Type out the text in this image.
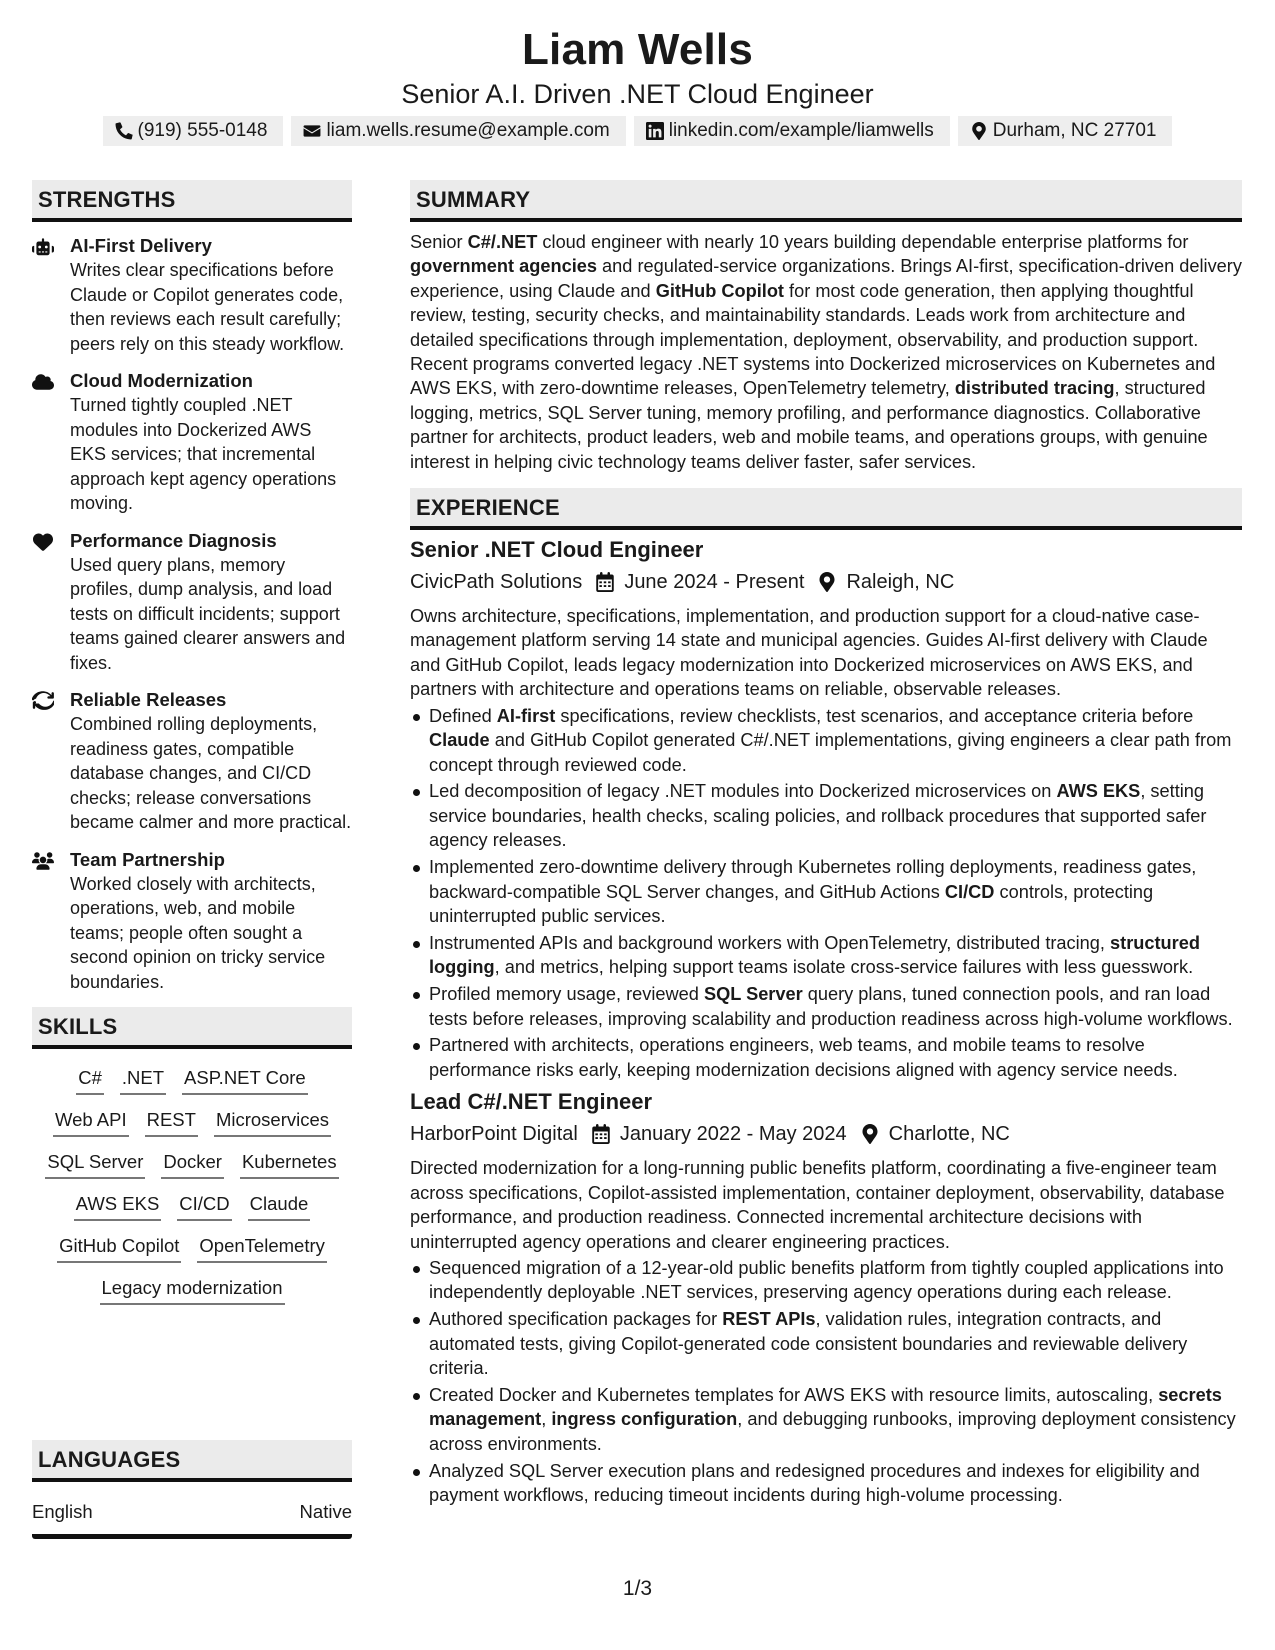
Liam Wells
Senior A.I. Driven .NET Cloud Engineer
(919) 555-0148	liam.wells.resume@example.com	linkedin.com/example/liamwells	Durham, NC 27701
STRENGTHS
AI-First Delivery
Writes clear specifications before Claude or Copilot generates code, then reviews each result carefully; peers rely on this steady workflow.
Cloud Modernization
Turned tightly coupled .NET modules into Dockerized AWS EKS services; that incremental approach kept agency operations moving.
Performance Diagnosis
Used query plans, memory profiles, dump analysis, and load tests on difficult incidents; support teams gained clearer answers and fixes.
Reliable Releases
Combined rolling deployments, readiness gates, compatible database changes, and CI/CD checks; release conversations became calmer and more practical.
Team Partnership
Worked closely with architects, operations, web, and mobile teams; people often sought a second opinion on tricky service boundaries.
SKILLS
C# .NET ASP.NET Core
Web API REST Microservices
SQL Server Docker Kubernetes
AWS EKS CI/CD Claude
GitHub Copilot OpenTelemetry
Legacy modernization
LANGUAGES
English	Native
SUMMARY
Senior C#/.NET cloud engineer with nearly 10 years building dependable enterprise platforms for government agencies and regulated-service organizations. Brings AI-first, specification-driven delivery experience, using Claude and GitHub Copilot for most code generation, then applying thoughtful review, testing, security checks, and maintainability standards. Leads work from architecture and detailed specifications through implementation, deployment, observability, and production support. Recent programs converted legacy .NET systems into Dockerized microservices on Kubernetes and AWS EKS, with zero-downtime releases, OpenTelemetry telemetry, distributed tracing, structured logging, metrics, SQL Server tuning, memory profiling, and performance diagnostics. Collaborative partner for architects, product leaders, web and mobile teams, and operations groups, with genuine interest in helping civic technology teams deliver faster, safer services.
EXPERIENCE
Senior .NET Cloud Engineer
CivicPath Solutions June 2024 - Present Raleigh, NC
Owns architecture, specifications, implementation, and production support for a cloud-native case-management platform serving 14 state and municipal agencies. Guides AI-first delivery with Claude and GitHub Copilot, leads legacy modernization into Dockerized microservices on AWS EKS, and partners with architecture and operations teams on reliable, observable releases.
Defined AI-first specifications, review checklists, test scenarios, and acceptance criteria before Claude and GitHub Copilot generated C#/.NET implementations, giving engineers a clear path from concept through reviewed code.
Led decomposition of legacy .NET modules into Dockerized microservices on AWS EKS, setting service boundaries, health checks, scaling policies, and rollback procedures that supported safer agency releases.
Implemented zero-downtime delivery through Kubernetes rolling deployments, readiness gates, backward-compatible SQL Server changes, and GitHub Actions CI/CD controls, protecting uninterrupted public services.
Instrumented APIs and background workers with OpenTelemetry, distributed tracing, structured logging, and metrics, helping support teams isolate cross-service failures with less guesswork.
Profiled memory usage, reviewed SQL Server query plans, tuned connection pools, and ran load tests before releases, improving scalability and production readiness across high-volume workflows.
Partnered with architects, operations engineers, web teams, and mobile teams to resolve performance risks early, keeping modernization decisions aligned with agency service needs.
Lead C#/.NET Engineer
HarborPoint Digital January 2022 - May 2024 Charlotte, NC
Directed modernization for a long-running public benefits platform, coordinating a five-engineer team across specifications, Copilot-assisted implementation, container deployment, observability, database performance, and production readiness. Connected incremental architecture decisions with uninterrupted agency operations and clearer engineering practices.
Sequenced migration of a 12-year-old public benefits platform from tightly coupled applications into independently deployable .NET services, preserving agency operations during each release.
Authored specification packages for REST APIs, validation rules, integration contracts, and automated tests, giving Copilot-generated code consistent boundaries and reviewable delivery criteria.
Created Docker and Kubernetes templates for AWS EKS with resource limits, autoscaling, secrets management, ingress configuration, and debugging runbooks, improving deployment consistency across environments.
Analyzed SQL Server execution plans and redesigned procedures and indexes for eligibility and payment workflows, reducing timeout incidents during high-volume processing.
1/3
